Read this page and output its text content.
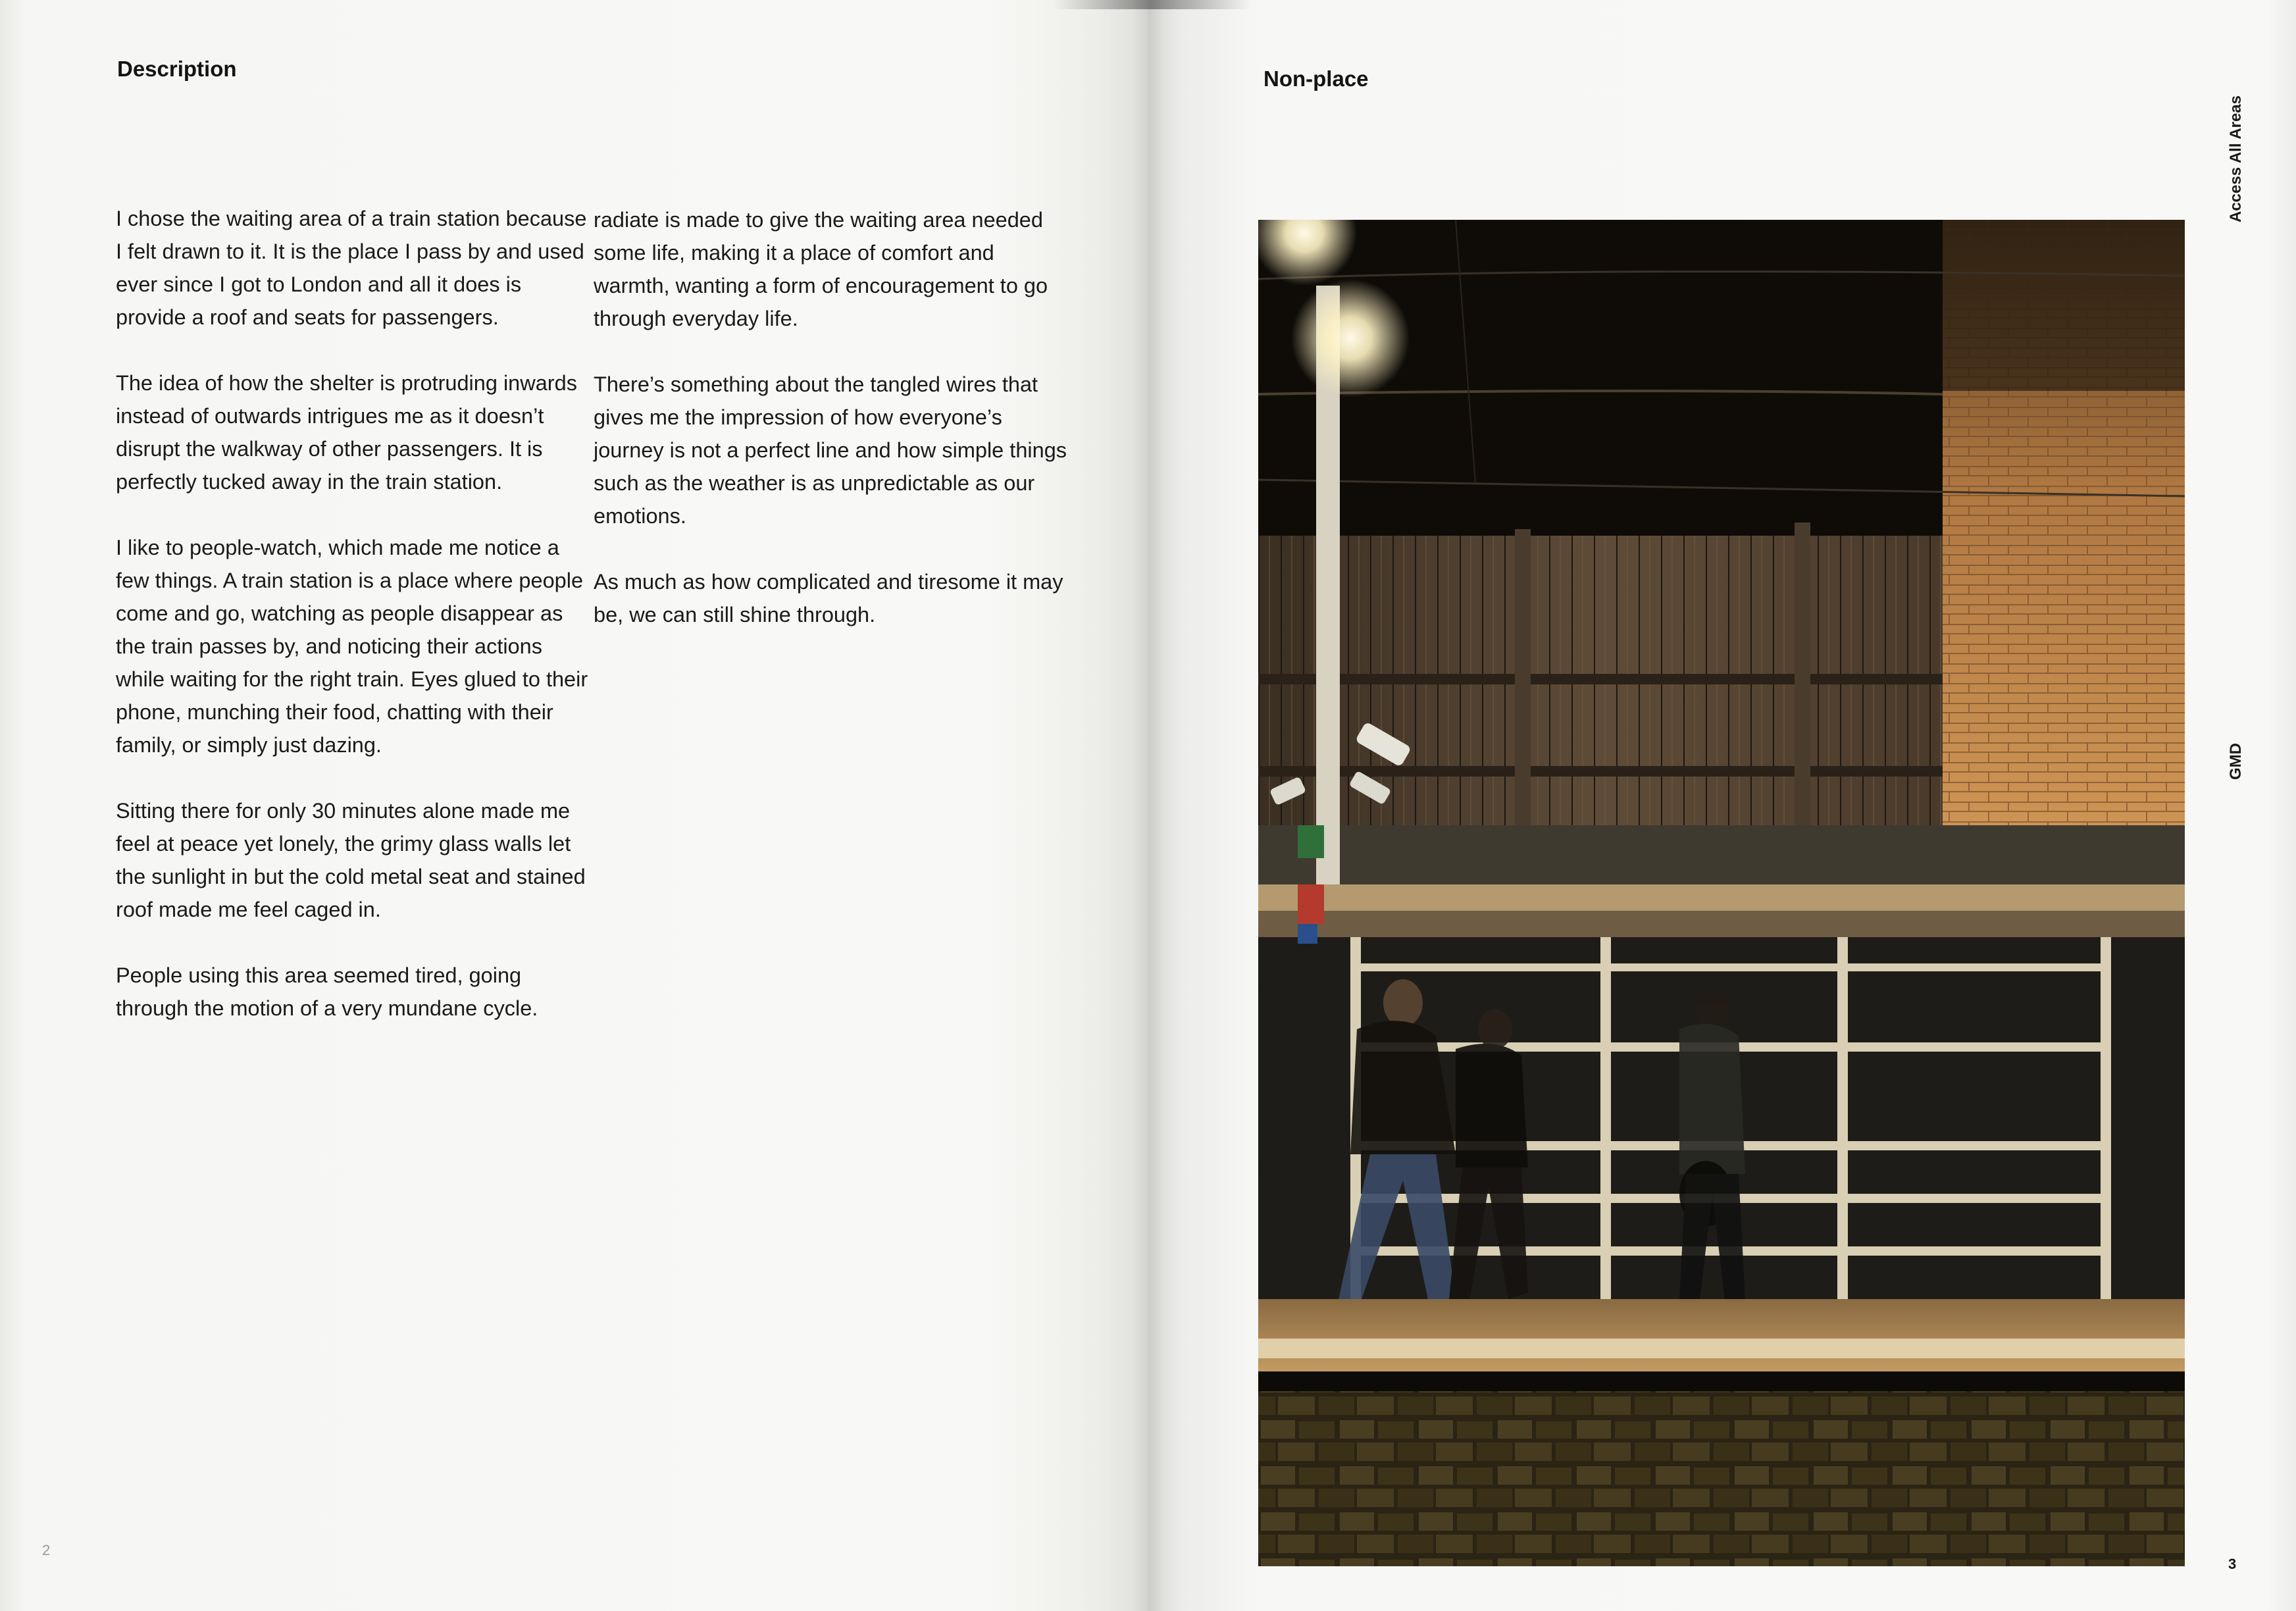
Description

I chose the waiting area of a train station because I felt drawn to it. It is the place I pass by and used ever since I got to London and all it does is provide a roof and seats for passengers.

The idea of how the shelter is protruding inwards instead of outwards intrigues me as it doesn’t disrupt the walkway of other passengers. It is perfectly tucked away in the train station.

I like to people-watch, which made me notice a few things. A train station is a place where people come and go, watching as people disappear as the train passes by, and noticing their actions while waiting for the right train. Eyes glued to their phone, munching their food, chatting with their family, or simply just dazing.

Sitting there for only 30 minutes alone made me feel at peace yet lonely, the grimy glass walls let the sunlight in but the cold metal seat and stained roof made me feel caged in.

People using this area seemed tired, going through the motion of a very mundane cycle.

radiate is made to give the waiting area needed some life, making it a place of comfort and warmth, wanting a form of encouragement to go through everyday life.

There’s something about the tangled wires that gives me the impression of how everyone’s journey is not a perfect line and how simple things such as the weather is as unpredictable as our emotions.

As much as how complicated and tiresome it may be, we can still shine through.

2
Non-place
Access All Areas
GMD
3
